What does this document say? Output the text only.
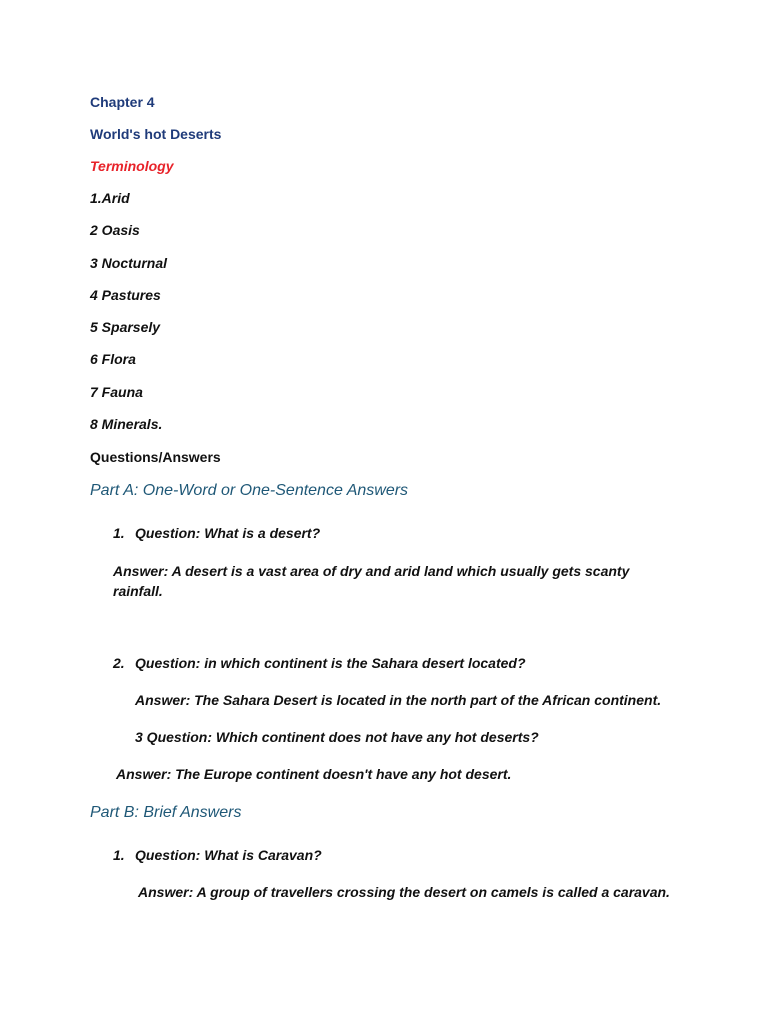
Chapter 4
World's hot Deserts
Terminology
1.Arid
2 Oasis
3 Nocturnal
4 Pastures
5 Sparsely
6 Flora
7 Fauna
8 Minerals.
Questions/Answers
Part A: One-Word or One-Sentence Answers
1. Question: What is a desert?
Answer: A desert is a vast area of dry and arid land which usually gets scanty rainfall.
2. Question: in which continent is the Sahara desert located?
Answer: The Sahara Desert is located in the north part of the African continent.
3 Question: Which continent does not have any hot deserts?
Answer: The Europe continent doesn't have any hot desert.
Part B: Brief Answers
1. Question: What is Caravan?
Answer: A group of travellers crossing the desert on camels is called a caravan.
